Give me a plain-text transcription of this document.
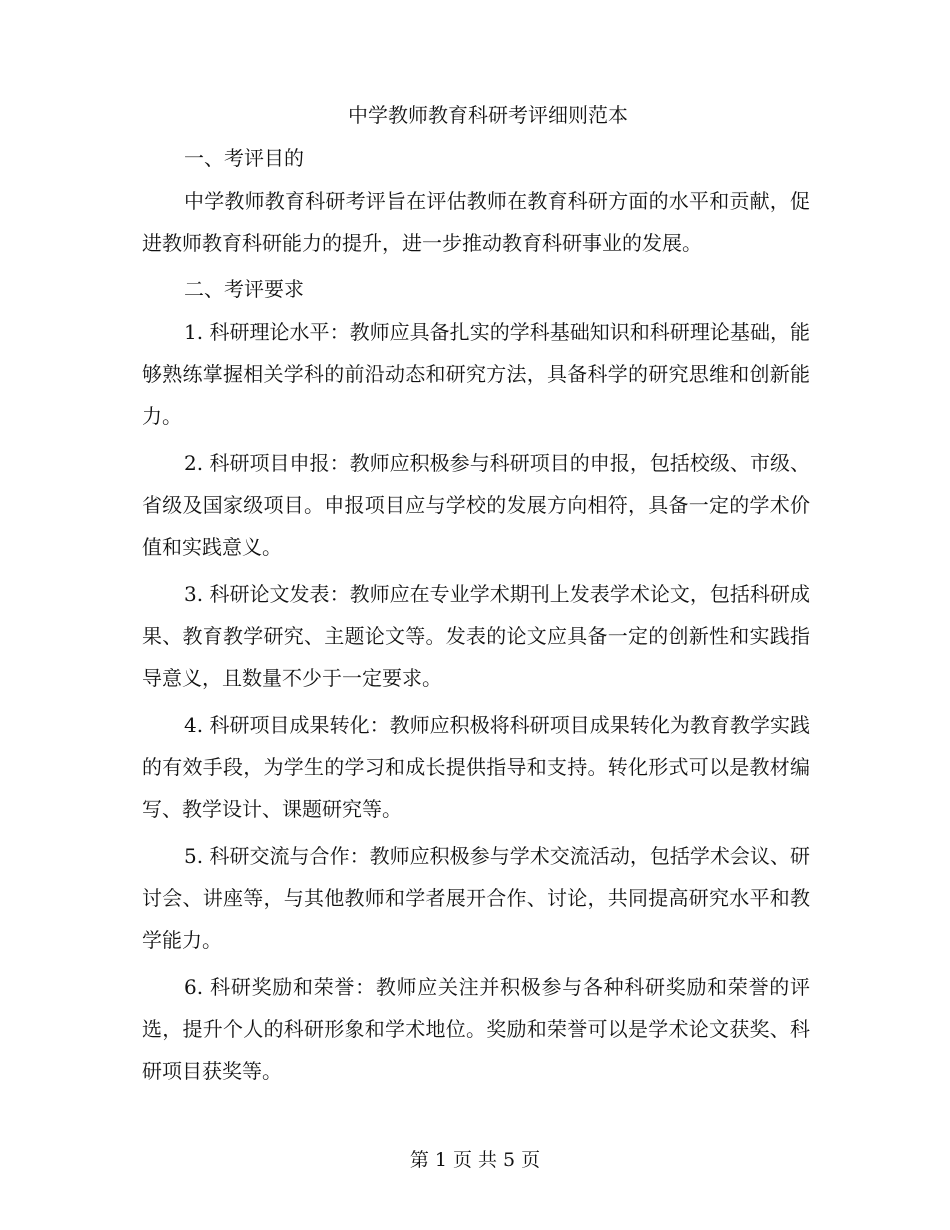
中学教师教育科研考评细则范本
一、考评目的
中学教师教育科研考评旨在评估教师在教育科研方面的水平和贡献，促进教师教育科研能力的提升，进一步推动教育科研事业的发展。
二、考评要求
1. 科研理论水平：教师应具备扎实的学科基础知识和科研理论基础，能够熟练掌握相关学科的前沿动态和研究方法，具备科学的研究思维和创新能力。
2. 科研项目申报：教师应积极参与科研项目的申报，包括校级、市级、省级及国家级项目。申报项目应与学校的发展方向相符，具备一定的学术价值和实践意义。
3. 科研论文发表：教师应在专业学术期刊上发表学术论文，包括科研成果、教育教学研究、主题论文等。发表的论文应具备一定的创新性和实践指导意义，且数量不少于一定要求。
4. 科研项目成果转化：教师应积极将科研项目成果转化为教育教学实践的有效手段，为学生的学习和成长提供指导和支持。转化形式可以是教材编写、教学设计、课题研究等。
5. 科研交流与合作：教师应积极参与学术交流活动，包括学术会议、研讨会、讲座等，与其他教师和学者展开合作、讨论，共同提高研究水平和教学能力。
6. 科研奖励和荣誉：教师应关注并积极参与各种科研奖励和荣誉的评选，提升个人的科研形象和学术地位。奖励和荣誉可以是学术论文获奖、科研项目获奖等。
第 1 页 共 5 页
